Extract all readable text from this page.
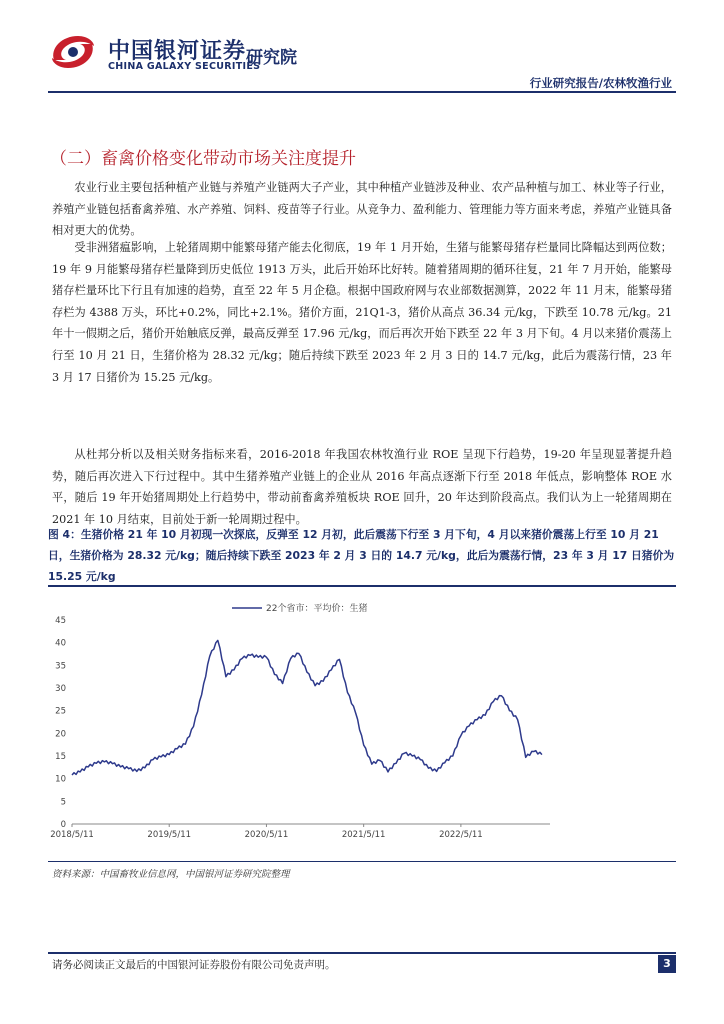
中国银河证券
CHINA GALAXY SECURITIES
研究院
行业研究报告/农林牧渔行业
（二）畜禽价格变化带动市场关注度提升

农业行业主要包括种植产业链与养殖产业链两大子产业，其中种植产业链涉及种业、农产品种植与加工、林业等子行业，养殖产业链包括畜禽养殖、水产养殖、饲料、疫苗等子行业。从竞争力、盈利能力、管理能力等方面来考虑，养殖产业链具备相对更大的优势。

受非洲猪瘟影响，上轮猪周期中能繁母猪产能去化彻底，19 年 1 月开始，生猪与能繁母猪存栏量同比降幅达到两位数；19 年 9 月能繁母猪存栏量降到历史低位 1913 万头，此后开始环比好转。随着猪周期的循环往复，21 年 7 月开始，能繁母猪存栏量环比下行且有加速的趋势，直至 22 年 5 月企稳。根据中国政府网与农业部数据测算，2022 年 11 月末，能繁母猪存栏为 4388 万头，环比+0.2%，同比+2.1%。猪价方面，21Q1-3，猪价从高点 36.34 元/kg，下跌至 10.78 元/kg。21 年十一假期之后，猪价开始触底反弹，最高反弹至 17.96 元/kg，而后再次开始下跌至 22 年 3 月下旬。4 月以来猪价震荡上行至 10 月 21 日，生猪价格为 28.32 元/kg；随后持续下跌至 2023 年 2 月 3 日的 14.7 元/kg，此后为震荡行情，23 年 3 月 17 日猪价为 15.25 元/kg。

从杜邦分析以及相关财务指标来看，2016-2018 年我国农林牧渔行业 ROE 呈现下行趋势，19-20 年呈现显著提升趋势，随后再次进入下行过程中。其中生猪养殖产业链上的企业从 2016 年高点逐渐下行至 2018 年低点，影响整体 ROE 水平，随后 19 年开始猪周期处上行趋势中，带动前畜禽养殖板块 ROE 回升，20 年达到阶段高点。我们认为上一轮猪周期在 2021 年 10 月结束，目前处于新一轮周期过程中。

图 4：生猪价格 21 年 10 月初现一次探底，反弹至 12 月初，此后震荡下行至 3 月下旬，4 月以来猪价震荡上行至 10 月 21 日，生猪价格为 28.32 元/kg；随后持续下跌至 2023 年 2 月 3 日的 14.7 元/kg，此后为震荡行情，23 年 3 月 17 日猪价为 15.25 元/kg
0
5
10
15
20
25
30
35
40
45
2018/5/11	2019/5/11	2020/5/11	2021/5/11	2022/5/11
22个省市：平均价：生猪
资料来源：中国畜牧业信息网，中国银河证券研究院整理
请务必阅读正文最后的中国银河证券股份有限公司免责声明。	3
